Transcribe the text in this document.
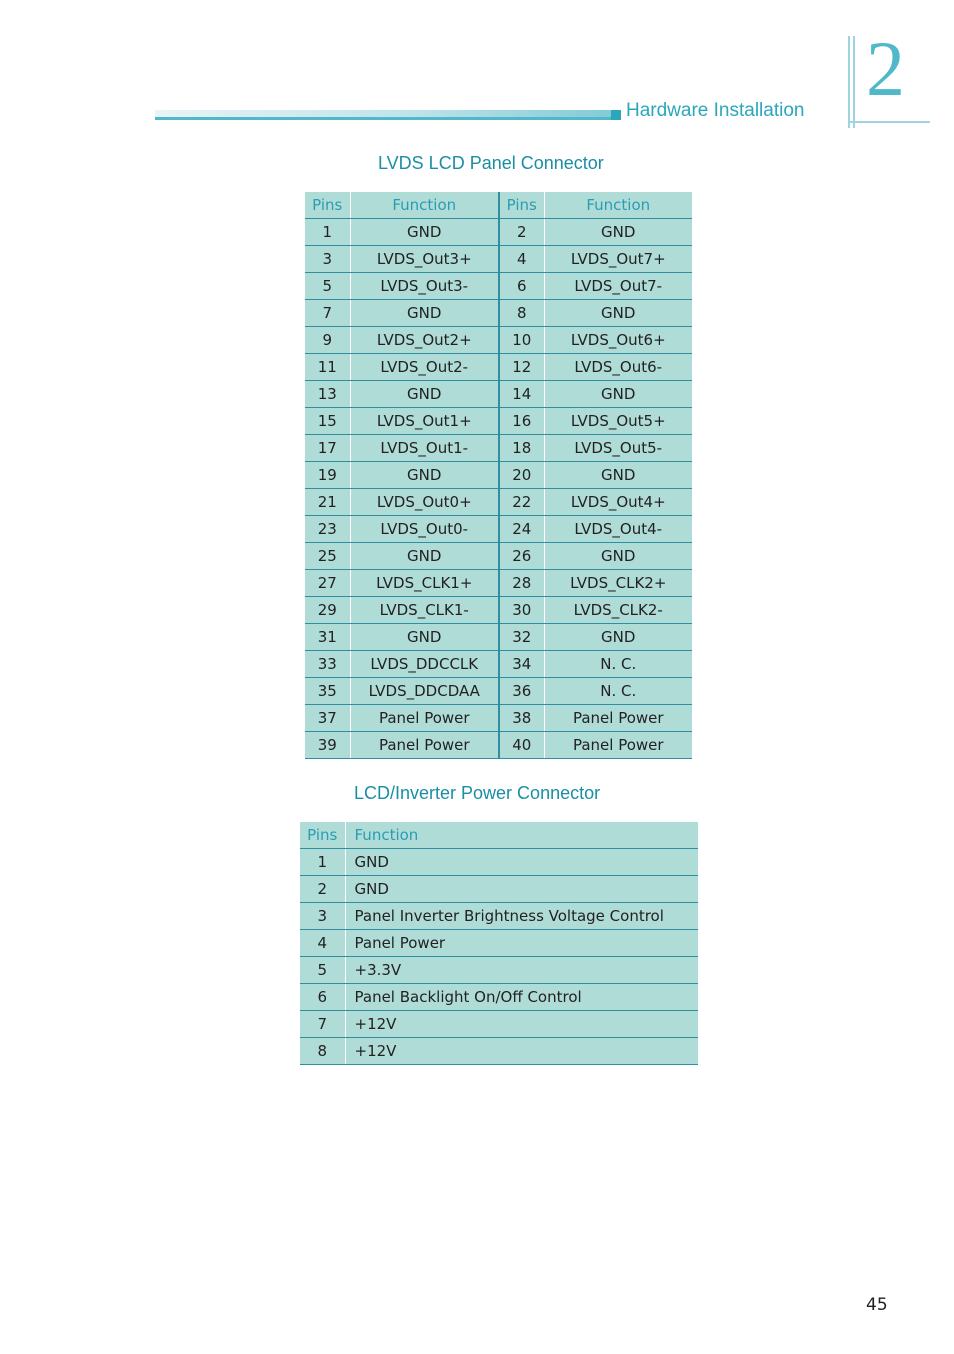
Hardware Installation 2
LVDS LCD Panel Connector
Pins	Function	Pins	Function
1	GND	2	GND
3	LVDS_Out3+	4	LVDS_Out7+
5	LVDS_Out3-	6	LVDS_Out7-
7	GND	8	GND
9	LVDS_Out2+	10	LVDS_Out6+
11	LVDS_Out2-	12	LVDS_Out6-
13	GND	14	GND
15	LVDS_Out1+	16	LVDS_Out5+
17	LVDS_Out1-	18	LVDS_Out5-
19	GND	20	GND
21	LVDS_Out0+	22	LVDS_Out4+
23	LVDS_Out0-	24	LVDS_Out4-
25	GND	26	GND
27	LVDS_CLK1+	28	LVDS_CLK2+
29	LVDS_CLK1-	30	LVDS_CLK2-
31	GND	32	GND
33	LVDS_DDCCLK	34	N. C.
35	LVDS_DDCDAA	36	N. C.
37	Panel Power	38	Panel Power
39	Panel Power	40	Panel Power
LCD/Inverter Power Connector
Pins	Function
1	GND
2	GND
3	Panel Inverter Brightness Voltage Control
4	Panel Power
5	+3.3V
6	Panel Backlight On/Off Control
7	+12V
8	+12V
45
